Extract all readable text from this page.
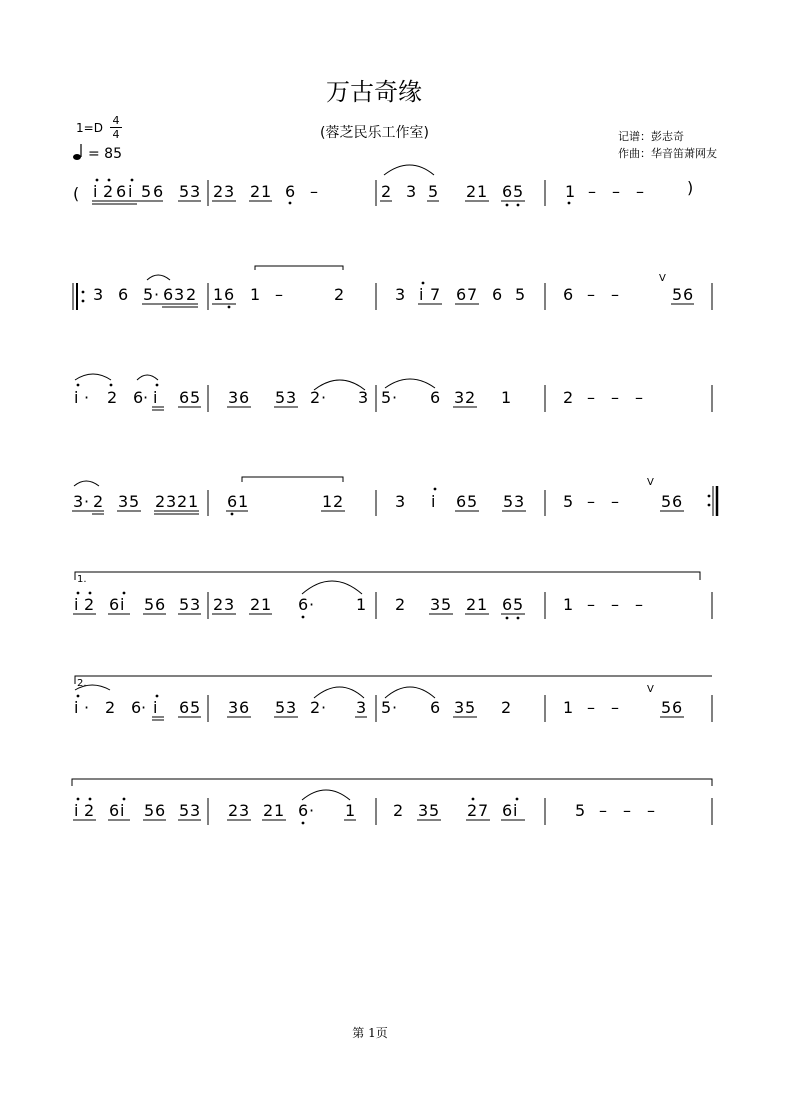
万古奇缘
(蓉芝民乐工作室)	记谱：彭志奇
作曲：华音笛萧网友
1=D
4
4
= 85
( i 2 6 i 5 6 5 3 2 3 2 1 6 –	2 3 5 2 1 6 5	1 – – –	)
3 6 5 · 6 3 2 1 6 1	2
–	3 i 7 6 7 6 5 6	5 6
– –
V
i · 2 6 · i 6 5 3 6 5 3 2 · 3 5 · 6 3 2 1	2 – – –
3 · 2 3 5 2 3 2 1 6 1	1 2	3 i 6 5 5 3 5	5 6
– –
V
1.
i 2 6 i 5 6 5 3 2 3 2 1 6 ·	1 2 3 5 2 1 6 5 1 – – –
2.
i · 2 6 · i 6 5 3 6 5 3 2 · 3 5 · 6 3 5 2	1	5 6
– –
V
i 2 6 i 5 6 5 3 2 3 2 1 6 · 1 2 3 5 2 7 6 i	5 – – –
第 1页
